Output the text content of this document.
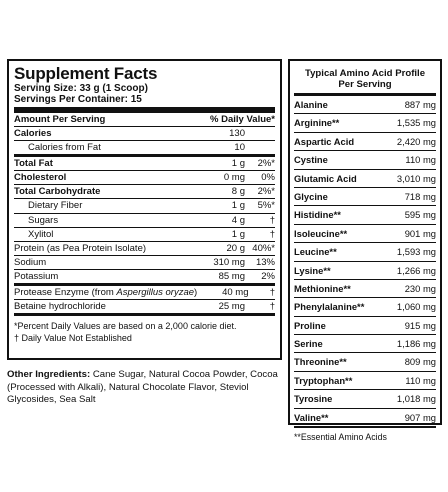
Supplement Facts
Serving Size: 33 g (1 Scoop)
Servings Per Container: 15
Amount Per Serving	% Daily Value*
Calories	130
Calories from Fat	10
Total Fat	1 g	2%*
Cholesterol	0 mg	0%
Total Carbohydrate	8 g	2%*
Dietary Fiber	1 g	5%*
Sugars	4 g	†
Xylitol	1 g	†
Protein (as Pea Protein Isolate)	20 g 40%*
Sodium	310 mg	13%
Potassium	85 mg	2%
Protease Enzyme (from Aspergillus oryzae)	40 mg	†
Betaine hydrochloride	25 mg	†
*Percent Daily Values are based on a 2,000 calorie diet.
† Daily Value Not Established
Other Ingredients: Cane Sugar, Natural Cocoa Powder, Cocoa (Processed with Alkali), Natural Chocolate Flavor, Steviol Glycosides, Sea Salt
Typical Amino Acid Profile
Per Serving
Alanine	887 mg
Arginine**	1,535 mg
Aspartic Acid	2,420 mg
Cystine	110 mg
Glutamic Acid	3,010 mg
Glycine	718 mg
Histidine**	595 mg
Isoleucine**	901 mg
Leucine**	1,593 mg
Lysine**	1,266 mg
Methionine**	230 mg
Phenylalanine**	1,060 mg
Proline	915 mg
Serine	1,186 mg
Threonine**	809 mg
Tryptophan**	110 mg
Tyrosine	1,018 mg
Valine**	907 mg
**Essential Amino Acids
